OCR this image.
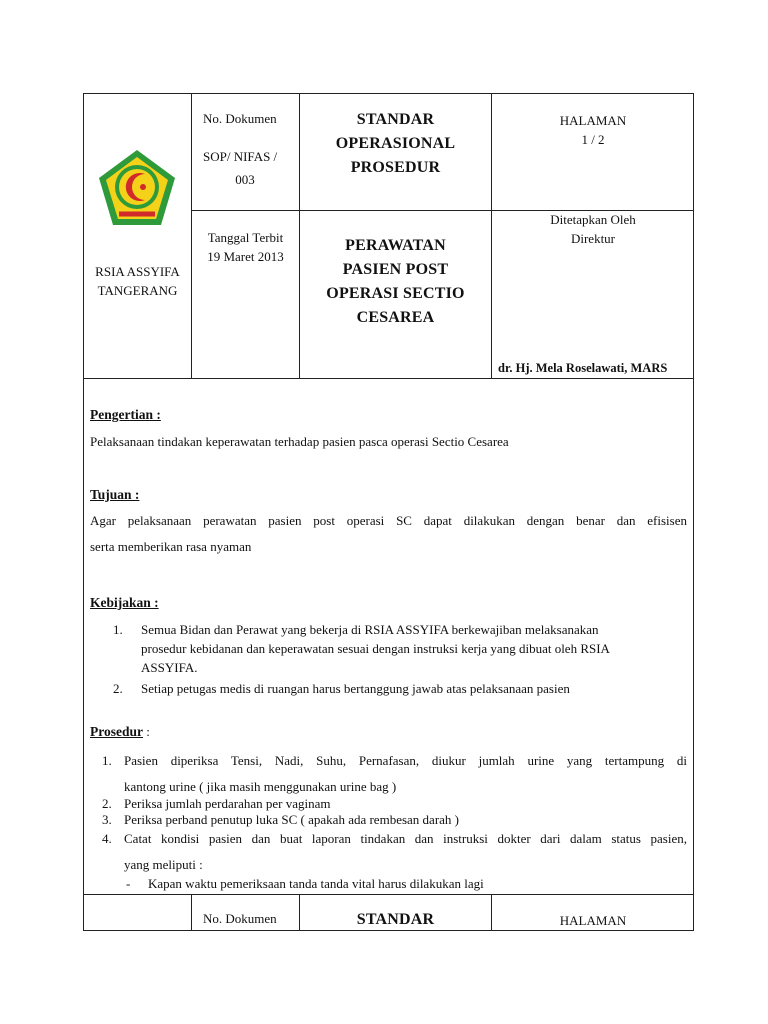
RSIA ASSYIFA
TANGERANG
No. Dokumen
SOP/ NIFAS /
003
STANDAR
OPERASIONAL
PROSEDUR
HALAMAN
1 / 2
Tanggal Terbit
19 Maret 2013
PERAWATAN
PASIEN POST
OPERASI SECTIO
CESAREA
Ditetapkan Oleh
Direktur
dr. Hj. Mela Roselawati, MARS
Pengertian :
Pelaksanaan tindakan keperawatan terhadap pasien pasca operasi Sectio Cesarea
Tujuan :
Agar pelaksanaan perawatan pasien post operasi SC dapat dilakukan dengan benar dan efisisen
serta memberikan rasa nyaman
Kebijakan :
1. Semua Bidan dan Perawat yang bekerja di RSIA ASSYIFA berkewajiban melaksanakan
prosedur kebidanan dan keperawatan sesuai dengan instruksi kerja yang dibuat oleh RSIA
ASSYIFA.
2. Setiap petugas medis di ruangan harus bertanggung jawab atas pelaksanaan pasien
Prosedur :
1. Pasien diperiksa Tensi, Nadi, Suhu, Pernafasan, diukur jumlah urine yang tertampung di
kantong urine ( jika masih menggunakan urine bag )
2. Periksa jumlah perdarahan per vaginam
3. Periksa perband penutup luka SC ( apakah ada rembesan darah )
4. Catat kondisi pasien dan buat laporan tindakan dan instruksi dokter dari dalam status pasien,
yang meliputi :
- Kapan waktu pemeriksaan tanda tanda vital harus dilakukan lagi
No. Dokumen	STANDAR	HALAMAN
